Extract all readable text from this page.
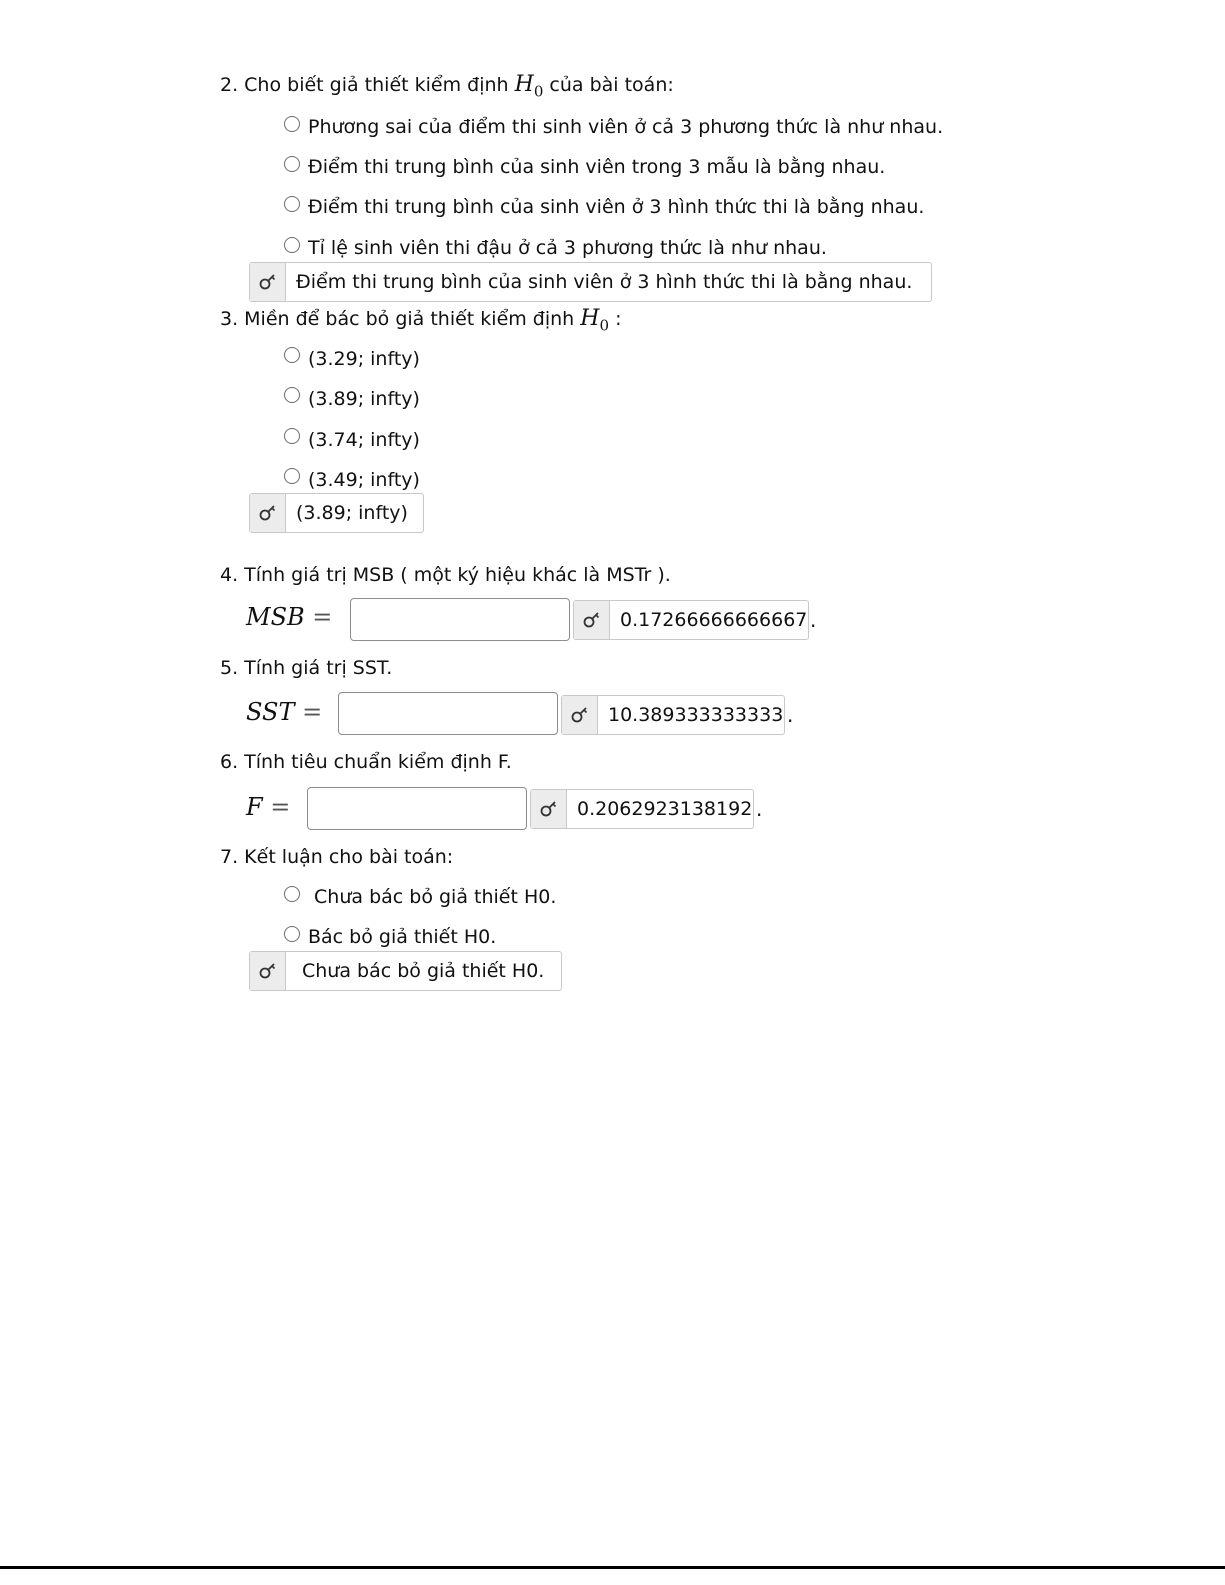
2. Cho biết giả thiết kiểm định $H_0$ của bài toán:
Phương sai của điểm thi sinh viên ở cả 3 phương thức là như nhau.
Điểm thi trung bình của sinh viên trong 3 mẫu là bằng nhau.
Điểm thi trung bình của sinh viên ở 3 hình thức thi là bằng nhau.
Tỉ lệ sinh viên thi đậu ở cả 3 phương thức là như nhau.
Điểm thi trung bình của sinh viên ở 3 hình thức thi là bằng nhau.
3. Miền để bác bỏ giả thiết kiểm định $H_0$ :
(3.29; infty)
(3.89; infty)
(3.74; infty)
(3.49; infty)
(3.89; infty)
4. Tính giá trị MSB ( một ký hiệu khác là MSTr ).
MSB =	0.17266666666667 .
5. Tính giá trị SST.
SST =	10.389333333333 .
6. Tính tiêu chuẩn kiểm định F.
F =	0.2062923138192 .
7. Kết luận cho bài toán:
Chưa bác bỏ giả thiết H0.
Bác bỏ giả thiết H0.
Chưa bác bỏ giả thiết H0.
